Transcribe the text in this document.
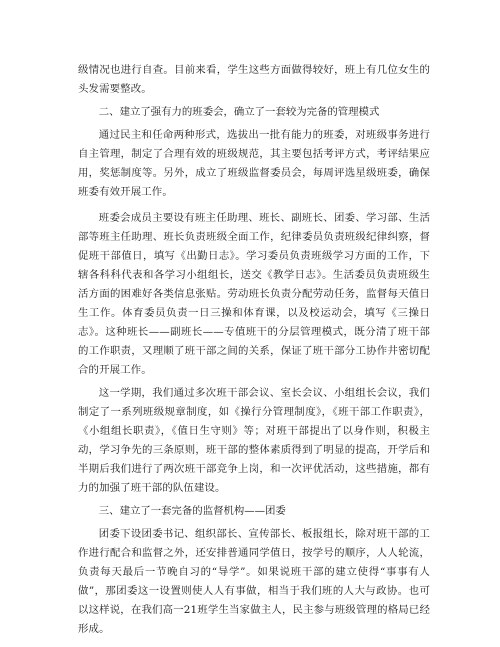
级情况也进行自查。目前来看，学生这些方面做得较好，班上有几位女生的头发需要整改。

二、建立了强有力的班委会，确立了一套较为完备的管理模式

通过民主和任命两种形式，选拔出一批有能力的班委，对班级事务进行自主管理，制定了合理有效的班级规范，其主要包括考评方式，考评结果应用，奖惩制度等。另外，成立了班级监督委员会，每周评选星级班委，确保班委有效开展工作。

班委会成员主要设有班主任助理、班长、副班长、团委、学习部、生活部等班主任助理、班长负责班级全面工作，纪律委员负责班级纪律纠察，督促班干部值日，填写《出勤日志》。学习委员负责班级学习方面的工作，下辖各科科代表和各学习小组组长，送交《教学日志》。生活委员负责班级生活方面的困难好各类信息张贴。劳动班长负责分配劳动任务，监督每天值日生工作。体育委员负责一日三操和体育课，以及校运动会，填写《三操日志》。这种班长——副班长——专值班干的分层管理模式，既分清了班干部的工作职责，又理顺了班干部之间的关系，保证了班干部分工协作井密切配合的开展工作。

这一学期，我们通过多次班干部会议、室长会议、小组组长会议，我们制定了一系列班级规章制度，如《操行分管理制度》，《班干部工作职责》，《小组组长职责》，《值日生守则》等；对班干部提出了以身作则，积极主动，学习争先的三条原则，班干部的整体素质得到了明显的提高，开学后和半期后我们进行了两次班干部竞争上岗，和一次评优活动，这些措施，都有力的加强了班干部的队伍建设。

三、建立了一套完备的监督机构——团委

团委下设团委书记、组织部长、宣传部长、板报组长，除对班干部的工作进行配合和监督之外，还安排普通同学值日，按学号的顺序，人人轮流，负责每天最后一节晚自习的“导学”。如果说班干部的建立使得“事事有人做”，那团委这一设置则使人人有事做，相当于我们班的人大与政协。也可以这样说，在我们高一21班学生当家做主人，民主参与班级管理的格局已经形成。
